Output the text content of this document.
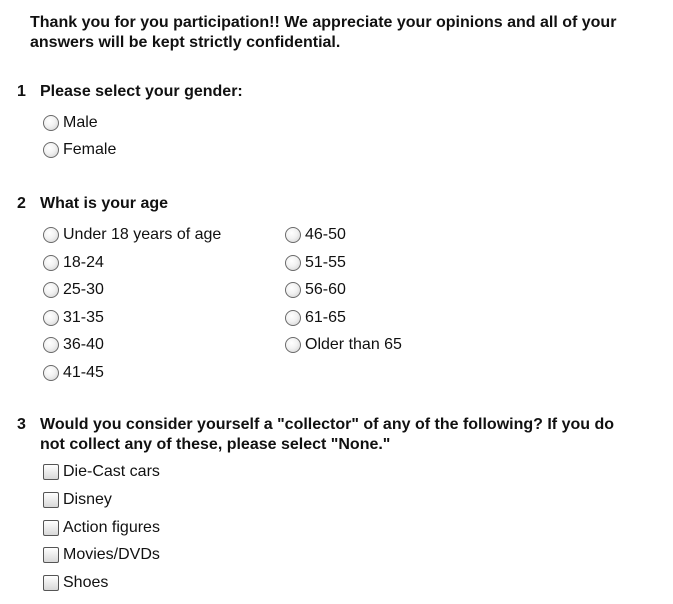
Thank you for you participation!! We appreciate your opinions and all of your answers will be kept strictly confidential.
1 Please select your gender:
Male
Female
2 What is your age
Under 18 years of age
18-24
25-30
31-35
36-40
41-45
46-50
51-55
56-60
61-65
Older than 65
3 Would you consider yourself a "collector" of any of the following? If you do not collect any of these, please select "None."
Die-Cast cars
Disney
Action figures
Movies/DVDs
Shoes
